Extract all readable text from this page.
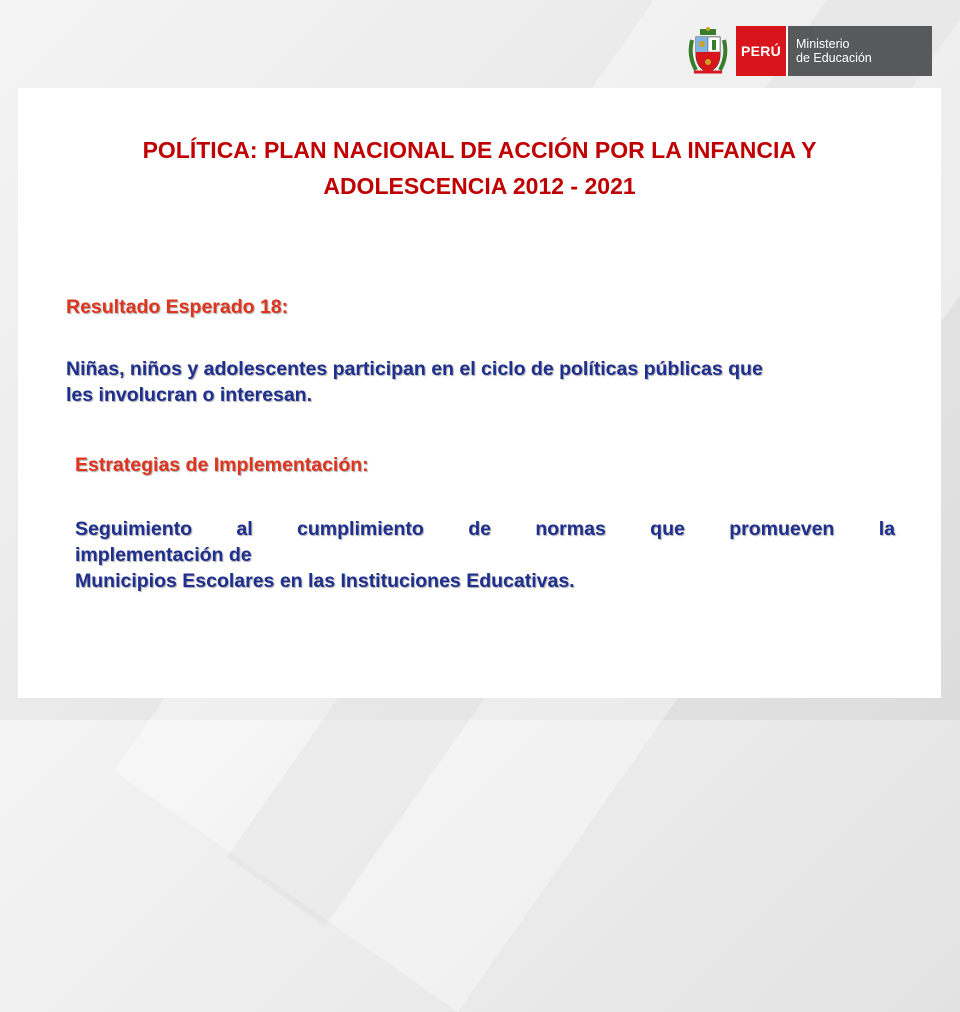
PERÚ	Ministerio
de Educación
POLÍTICA: PLAN NACIONAL DE ACCIÓN POR LA INFANCIA Y
ADOLESCENCIA 2012 - 2021
Resultado Esperado 18:
Niñas, niños y adolescentes participan en el ciclo de políticas públicas que
les involucran o interesan.
Estrategias de Implementación:
Seguimiento al cumplimiento de normas que promueven la
implementación de
Municipios Escolares en las Instituciones Educativas.
